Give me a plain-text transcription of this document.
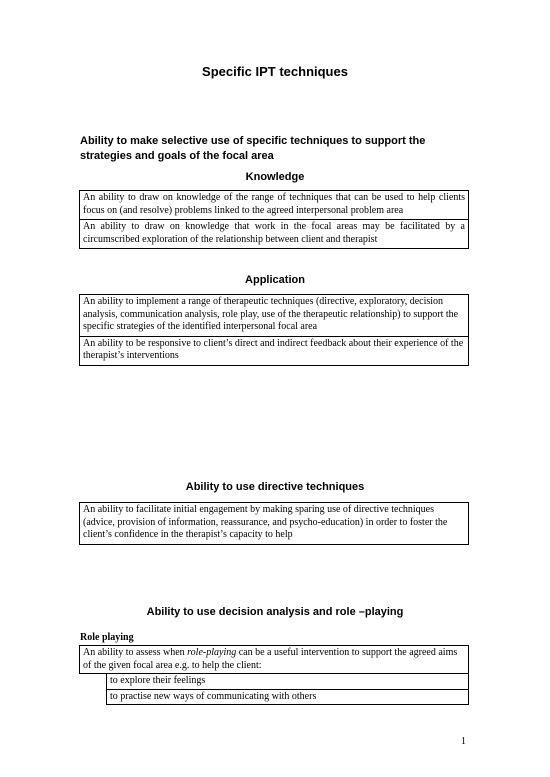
Specific IPT techniques
Ability to make selective use of specific techniques to support the strategies and goals of the focal area
Knowledge
An ability to draw on knowledge of the range of techniques that can be used to help clients focus on (and resolve) problems linked to the agreed interpersonal problem area
An ability to draw on knowledge that work in the focal areas may be facilitated by a circumscribed exploration of the relationship between client and therapist
Application
An ability to implement a range of therapeutic techniques (directive, exploratory, decision analysis, communication analysis, role play, use of the therapeutic relationship) to support the specific strategies of the identified interpersonal focal area
An ability to be responsive to client’s direct and indirect feedback about their experience of the therapist’s interventions
Ability to use directive techniques
An ability to facilitate initial engagement by making sparing use of directive techniques (advice, provision of information, reassurance, and psycho-education) in order to foster the client’s confidence in the therapist’s capacity to help
Ability to use decision analysis and role –playing
Role playing
An ability to assess when role-playing can be a useful intervention to support the agreed aims of the given focal area e.g. to help the client:
to explore their feelings
to practise new ways of communicating with others
1
